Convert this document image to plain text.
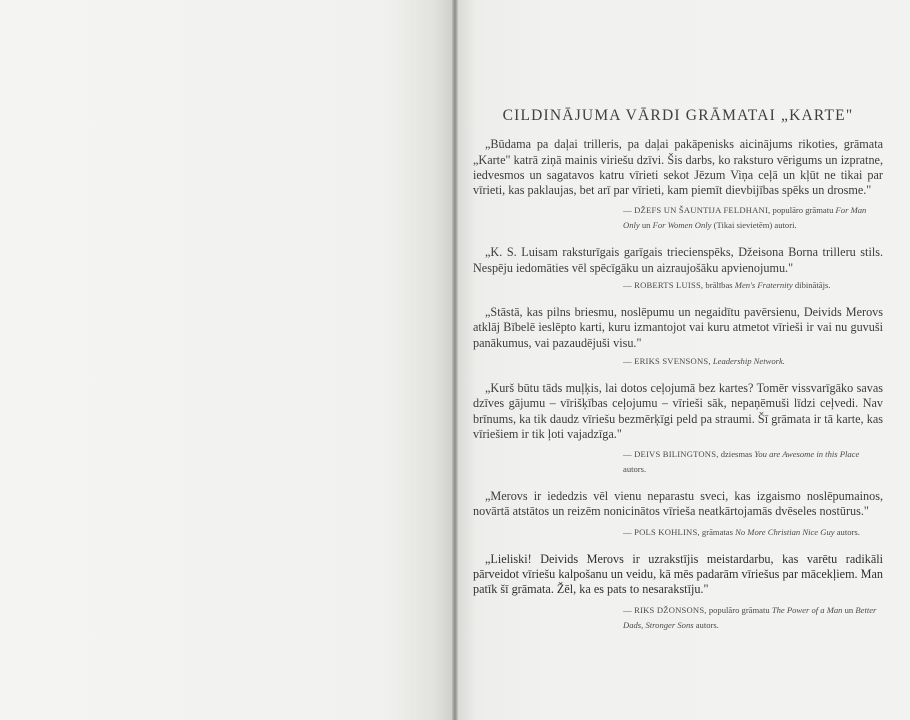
CILDINĀJUMA VĀRDI GRĀMATAI „KARTE"

„Būdama pa daļai trilleris, pa daļai pakāpenisks aicinājums rikoties, grāmata „Karte" katrā ziņā mainis viriešu dzīvi. Šis darbs, ko raksturo vērigums un izpratne, iedvesmos un sagatavos katru vīrieti sekot Jēzum Viņa ceļā un kļūt ne tikai par vīrieti, kas paklaujas, bet arī par vīrieti, kam piemīt dievbijības spēks un drosme."

— DŽEFS UN ŠAUNTIJA FELDHANI, populāro grāmatu For Man Only un For Women Only (Tikai sievietēm) autori.

„K. S. Luisam raksturīgais garīgais triecienspēks, Džeisona Borna trilleru stils. Nespēju iedomāties vēl spēcīgāku un aizraujošāku apvienojumu."

— ROBERTS LUISS, brālības Men's Fraternity dibinātājs.

„Stāstā, kas pilns briesmu, noslēpumu un negaidītu pavērsienu, Deivids Merovs atklāj Bībelē ieslēpto karti, kuru izmantojot vai kuru atmetot vīrieši ir vai nu guvuši panākumus, vai pazaudējuši visu."

— ERIKS SVENSONS, Leadership Network.

„Kurš būtu tāds muļķis, lai dotos ceļojumā bez kartes? Tomēr vissvarīgāko savas dzīves gājumu – vīrišķības ceļojumu – vīrieši sāk, nepaņēmuši līdzi ceļvedi. Nav brīnums, ka tik daudz vīriešu bezmērķīgi peld pa straumi. Šī grāmata ir tā karte, kas vīriešiem ir tik ļoti vajadzīga."

— DEIVS BILINGTONS, dziesmas You are Awesome in this Place autors.

„Merovs ir iededzis vēl vienu neparastu sveci, kas izgaismo noslēpumainos, novārtā atstātos un reizēm nonicinātos vīrieša neatkārtojamās dvēseles nostūrus."

— POLS KOHLINS, grāmatas No More Christian Nice Guy autors.

„Lieliski! Deivids Merovs ir uzrakstījis meistardarbu, kas varētu radikāli pārveidot vīriešu kalpošanu un veidu, kā mēs padarām vīriešus par mācekļiem. Man patīk šī grāmata. Žēl, ka es pats to nesarakstīju."

— RIKS DŽONSONS, populāro grāmatu The Power of a Man un Better Dads, Stronger Sons autors.
